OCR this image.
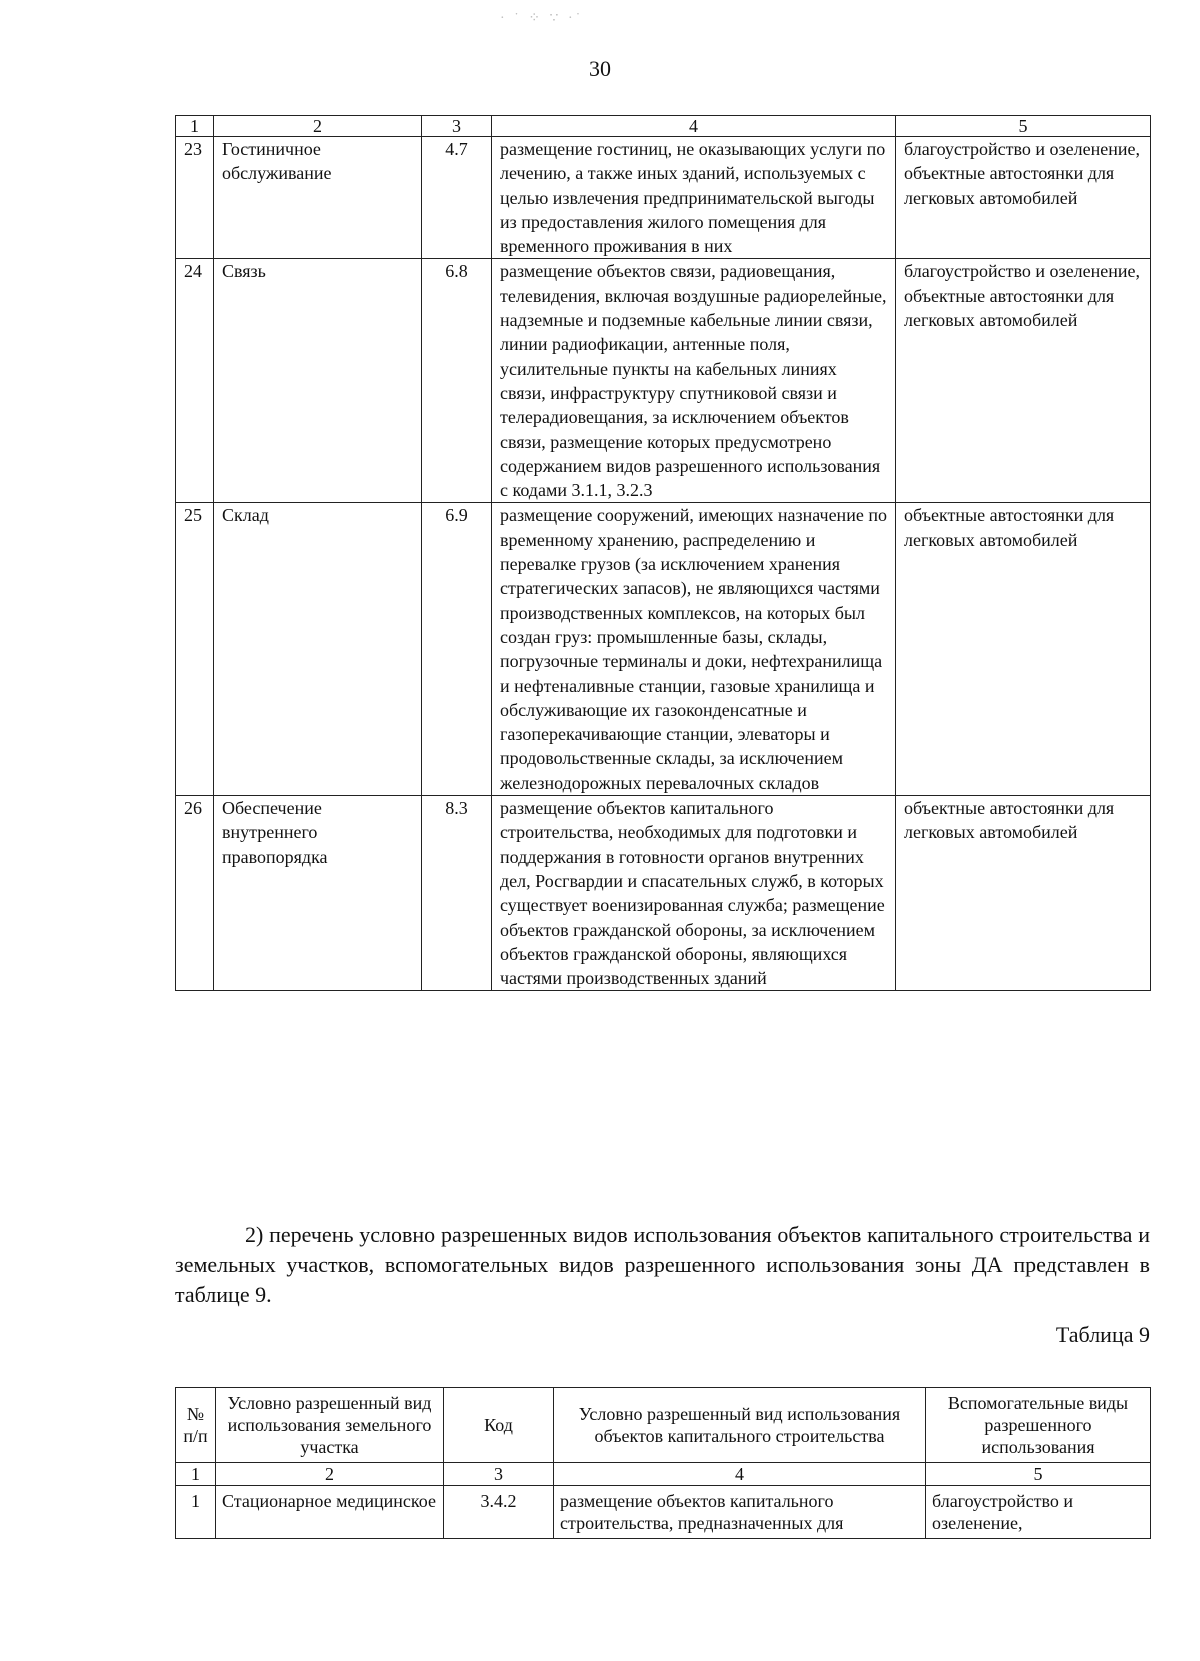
· ˙ ⁘ ∵ ·˙
30
1	2	3	4	5
23	Гостиничное обслуживание	4.7	размещение гостиниц, не оказывающих услуги по лечению, а также иных зданий, используемых с целью извлечения предпринимательской выгоды из предоставления жилого помещения для временного проживания в них	благоустройство и озеленение, объектные автостоянки для легковых автомобилей
24	Связь	6.8	размещение объектов связи, радиовещания, телевидения, включая воздушные радиорелейные, надземные и подземные кабельные линии связи, линии радиофикации, антенные поля, усилительные пункты на кабельных линиях связи, инфраструктуру спутниковой связи и телерадиовещания, за исключением объектов связи, размещение которых предусмотрено содержанием видов разрешенного использования с кодами 3.1.1, 3.2.3	благоустройство и озеленение, объектные автостоянки для легковых автомобилей
25	Склад	6.9	размещение сооружений, имеющих назначение по временному хранению, распределению и перевалке грузов (за исключением хранения стратегических запасов), не являющихся частями производственных комплексов, на которых был создан груз: промышленные базы, склады, погрузочные терминалы и доки, нефтехранилища и нефтеналивные станции, газовые хранилища и обслуживающие их газоконденсатные и газоперекачивающие станции, элеваторы и продовольственные склады, за исключением железнодорожных перевалочных складов	объектные автостоянки для легковых автомобилей
26	Обеспечение внутреннего правопорядка	8.3	размещение объектов капитального строительства, необходимых для подготовки и поддержания в готовности органов внутренних дел, Росгвардии и спасательных служб, в которых существует военизированная служба; размещение объектов гражданской обороны, за исключением объектов гражданской обороны, являющихся частями производственных зданий	объектные автостоянки для легковых автомобилей

2) перечень условно разрешенных видов использования объектов капитального строительства и земельных участков, вспомогательных видов разрешенного использования зоны ДА представлен в таблице 9.

Таблица 9
№ п/п	Условно разрешенный вид использования земельного участка	Код	Условно разрешенный вид использования объектов капитального строительства	Вспомогательные виды разрешенного использования
1	2	3	4	5
1	Стационарное медицинское	3.4.2	размещение объектов капитального строительства, предназначенных для	благоустройство и озеленение,
